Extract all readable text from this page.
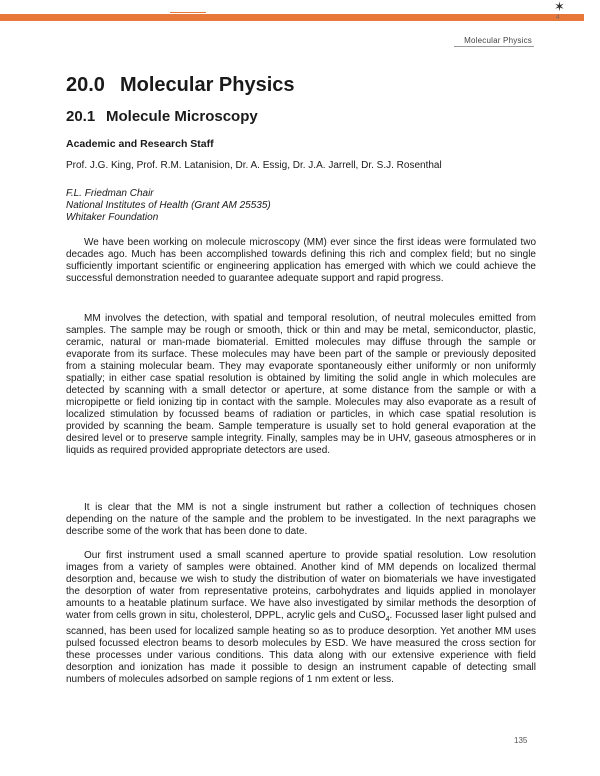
✶
4
Molecular Physics
20.0 Molecular Physics
20.1 Molecule Microscopy
Academic and Research Staff

Prof. J.G. King, Prof. R.M. Latanision, Dr. A. Essig, Dr. J.A. Jarrell, Dr. S.J. Rosenthal

F.L. Friedman Chair
National Institutes of Health (Grant AM 25535)
Whitaker Foundation

We have been working on molecule microscopy (MM) ever since the first ideas were formulated two decades ago. Much has been accomplished towards defining this rich and complex field; but no single sufficiently important scientific or engineering application has emerged with which we could achieve the successful demonstration needed to guarantee adequate support and rapid progress.

MM involves the detection, with spatial and temporal resolution, of neutral molecules emitted from samples. The sample may be rough or smooth, thick or thin and may be metal, semiconductor, plastic, ceramic, natural or man-made biomaterial. Emitted molecules may diffuse through the sample or evaporate from its surface. These molecules may have been part of the sample or previously deposited from a staining molecular beam. They may evaporate spontaneously either uniformly or non uniformly spatially; in either case spatial resolution is obtained by limiting the solid angle in which molecules are detected by scanning with a small detector or aperture, at some distance from the sample or with a micropipette or field ionizing tip in contact with the sample. Molecules may also evaporate as a result of localized stimulation by focussed beams of radiation or particles, in which case spatial resolution is provided by scanning the beam. Sample temperature is usually set to hold general evaporation at the desired level or to preserve sample integrity. Finally, samples may be in UHV, gaseous atmospheres or in liquids as required provided appropriate detectors are used.

It is clear that the MM is not a single instrument but rather a collection of techniques chosen depending on the nature of the sample and the problem to be investigated. In the next paragraphs we describe some of the work that has been done to date.

Our first instrument used a small scanned aperture to provide spatial resolution. Low resolution images from a variety of samples were obtained. Another kind of MM depends on localized thermal desorption and, because we wish to study the distribution of water on biomaterials we have investigated the desorption of water from representative proteins, carbohydrates and liquids applied in monolayer amounts to a heatable platinum surface. We have also investigated by similar methods the desorption of water from cells grown in situ, cholesterol, DPPL, acrylic gels and CuSO$_4$. Focussed laser light pulsed and scanned, has been used for localized sample heating so as to produce desorption. Yet another MM uses pulsed focussed electron beams to desorb molecules by ESD. We have measured the cross section for these processes under various conditions. This data along with our extensive experience with field desorption and ionization has made it possible to design an instrument capable of detecting small numbers of molecules adsorbed on sample regions of 1 nm extent or less.

135
